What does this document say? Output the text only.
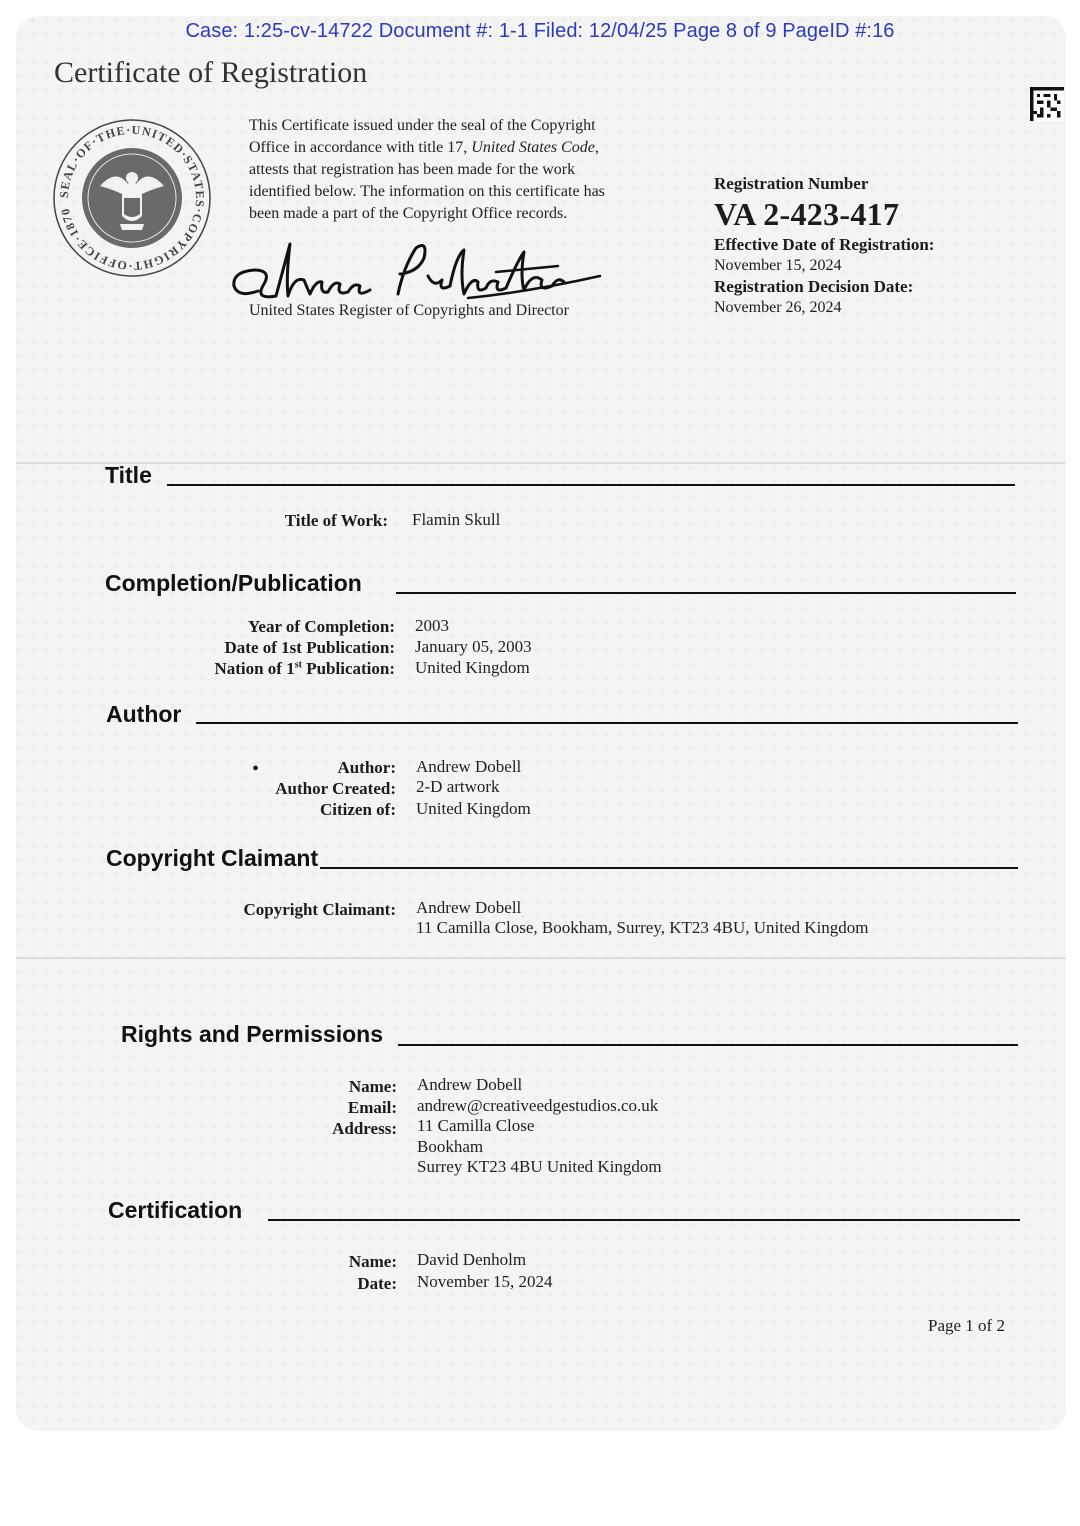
Case: 1:25-cv-14722 Document #: 1-1 Filed: 12/04/25 Page 8 of 9 PageID #:16
Certificate of Registration
SEAL·OF·THE·UNITED·STATES·COPYRIGHT·OFFICE·1870
This Certificate issued under the seal of the Copyright
Office in accordance with title 17, United States Code,
attests that registration has been made for the work
identified below. The information on this certificate has
been made a part of the Copyright Office records.
United States Register of Copyrights and Director
Registration Number
VA 2-423-417
Effective Date of Registration:
November 15, 2024
Registration Decision Date:
November 26, 2024
Title
Title of Work: Flamin Skull
Completion/Publication
Year of Completion: 2003
Date of 1st Publication: January 05, 2003
Nation of 1st Publication: United Kingdom
Author
•	Author: Andrew Dobell
Author Created: 2-D artwork
Citizen of: United Kingdom
Copyright Claimant
Copyright Claimant: Andrew Dobell
11 Camilla Close, Bookham, Surrey, KT23 4BU, United Kingdom
Rights and Permissions
Name: Andrew Dobell
Email: andrew@creativeedgestudios.co.uk
Address: 11 Camilla Close
Bookham
Surrey KT23 4BU United Kingdom
Certification
Name: David Denholm
Date: November 15, 2024
Page 1 of 2
